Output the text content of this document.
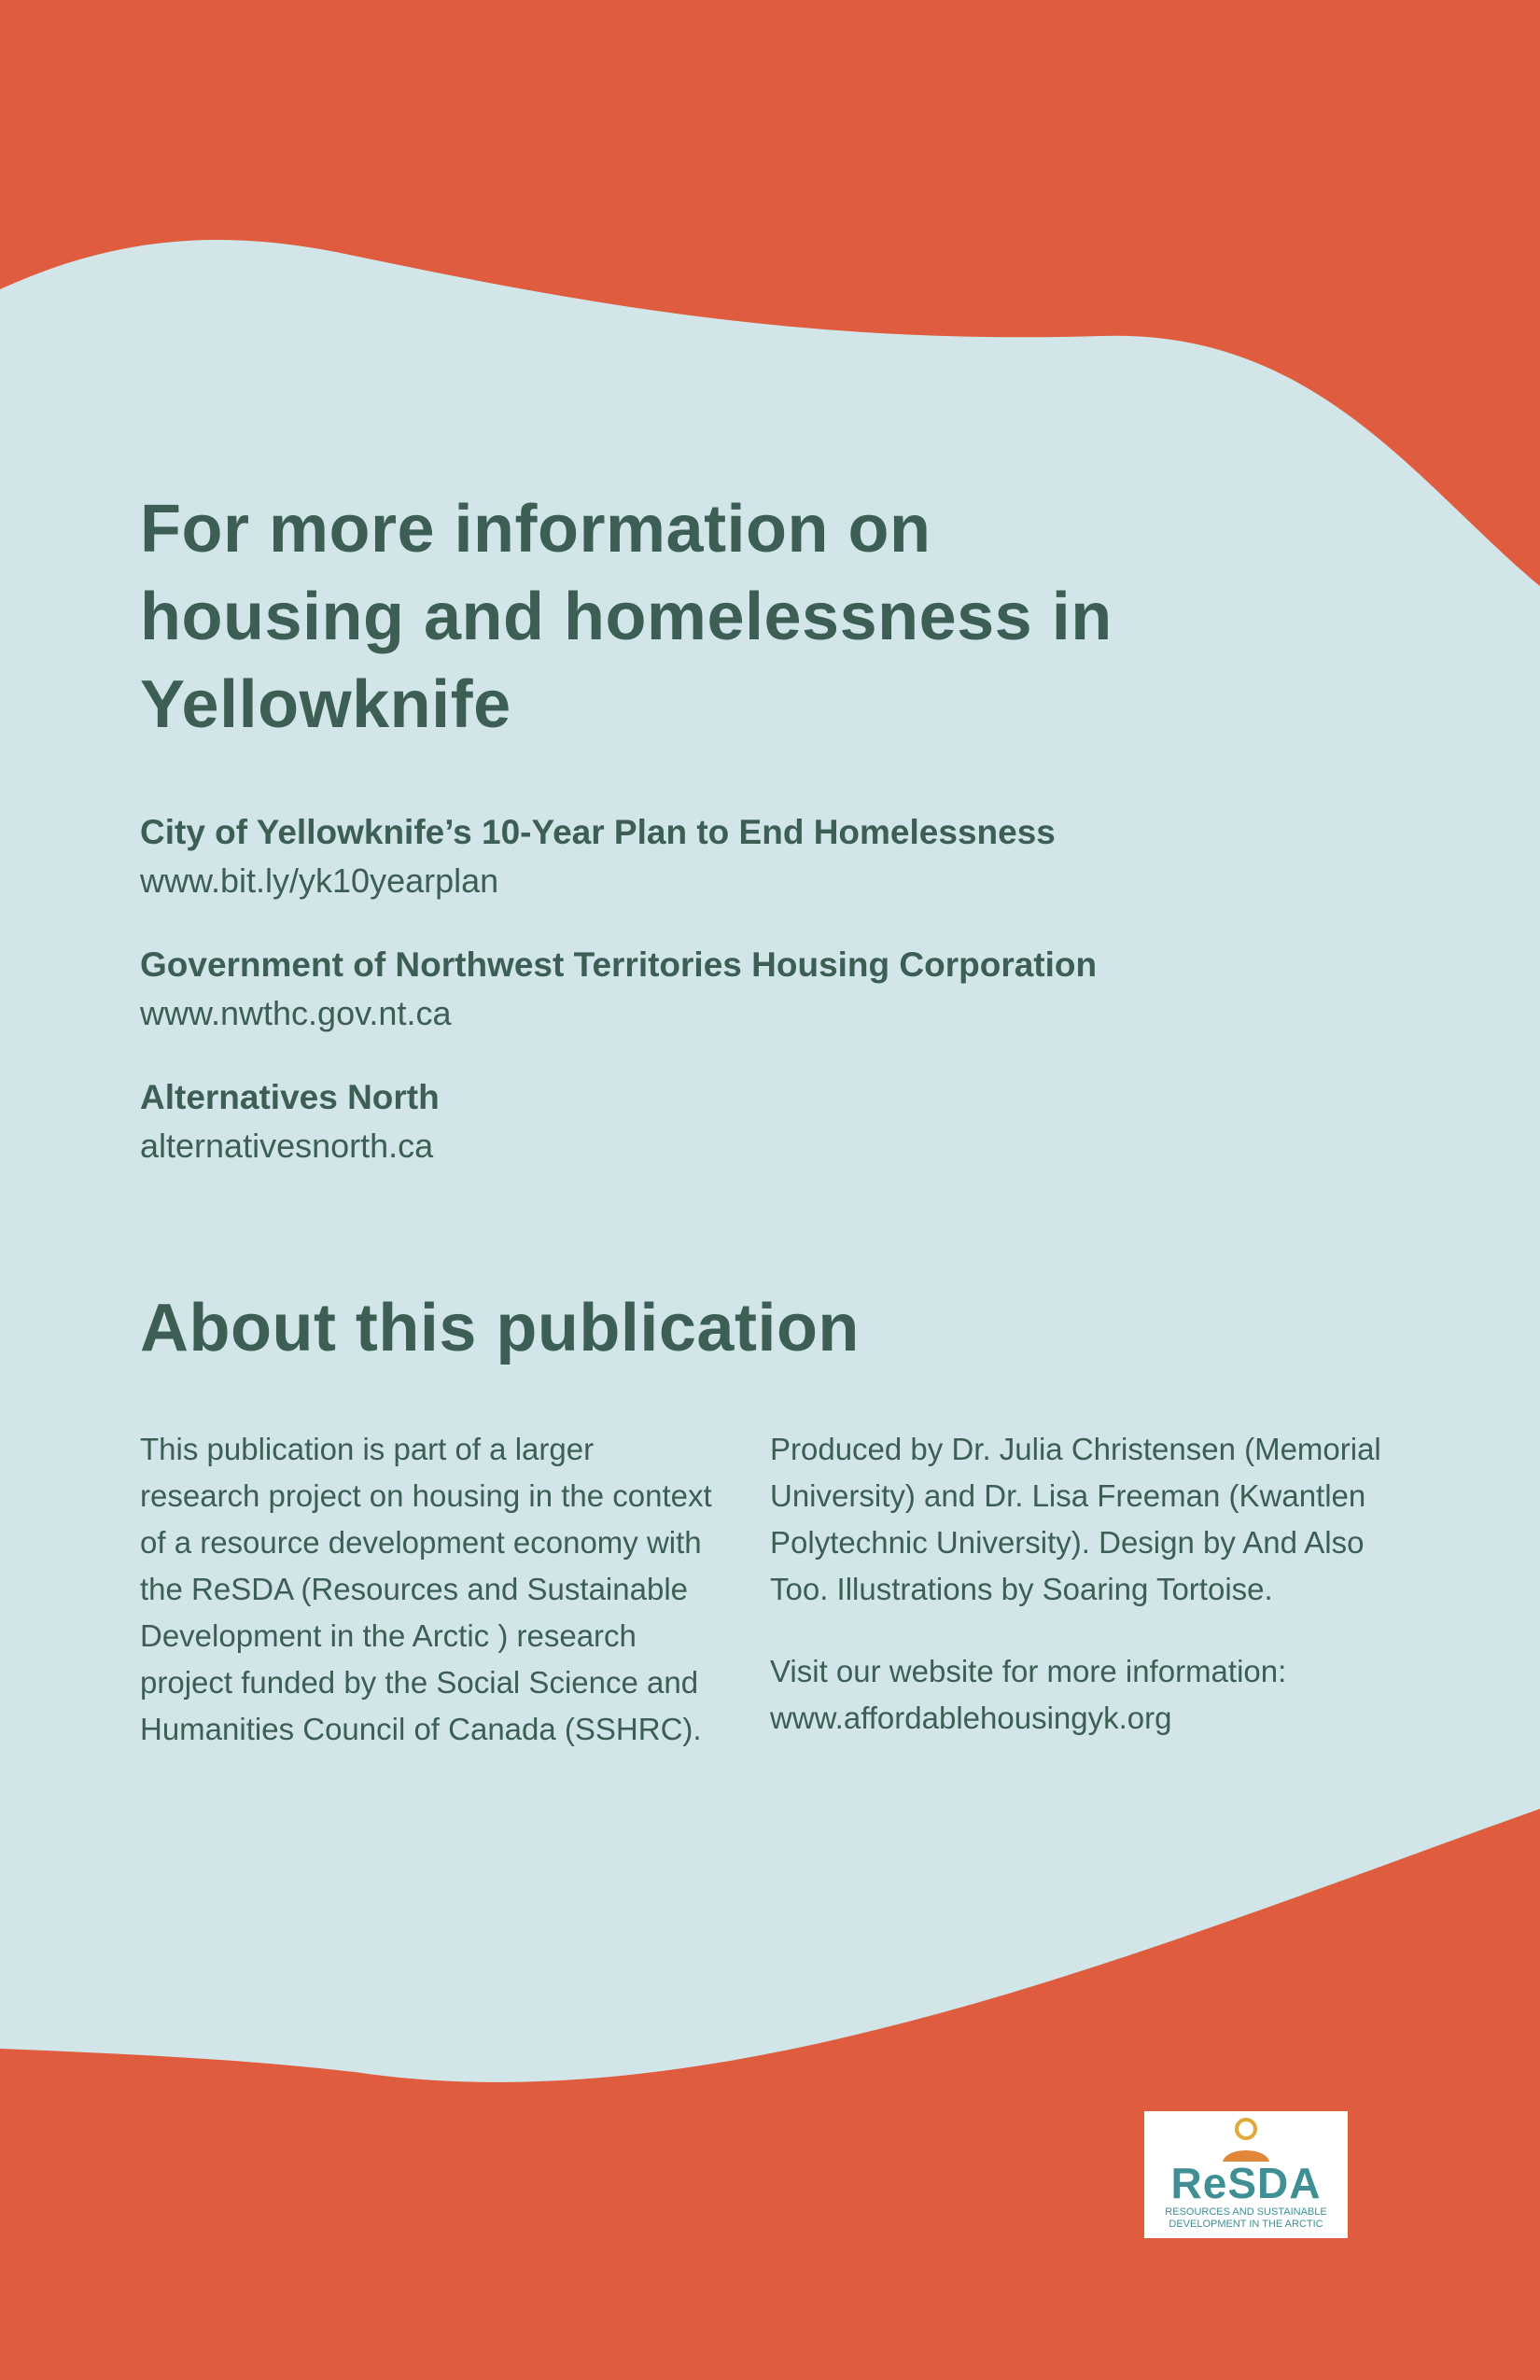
For more information on housing and homelessness in Yellowknife
City of Yellowknife’s 10-Year Plan to End Homelessness
www.bit.ly/yk10yearplan
Government of Northwest Territories Housing Corporation
www.nwthc.gov.nt.ca
Alternatives North
alternativesnorth.ca
About this publication

This publication is part of a larger research project on housing in the context of a resource development economy with the ReSDA (Resources and Sustainable Development in the Arctic ) research project funded by the Social Science and Humanities Council of Canada (SSHRC).

Produced by Dr. Julia Christensen (Memorial University) and Dr. Lisa Freeman (Kwantlen Polytechnic University). Design by And Also Too. Illustrations by Soaring Tortoise.

Visit our website for more information: www.affordablehousingyk.org

ReSDA
RESOURCES AND SUSTAINABLE DEVELOPMENT IN THE ARCTIC
